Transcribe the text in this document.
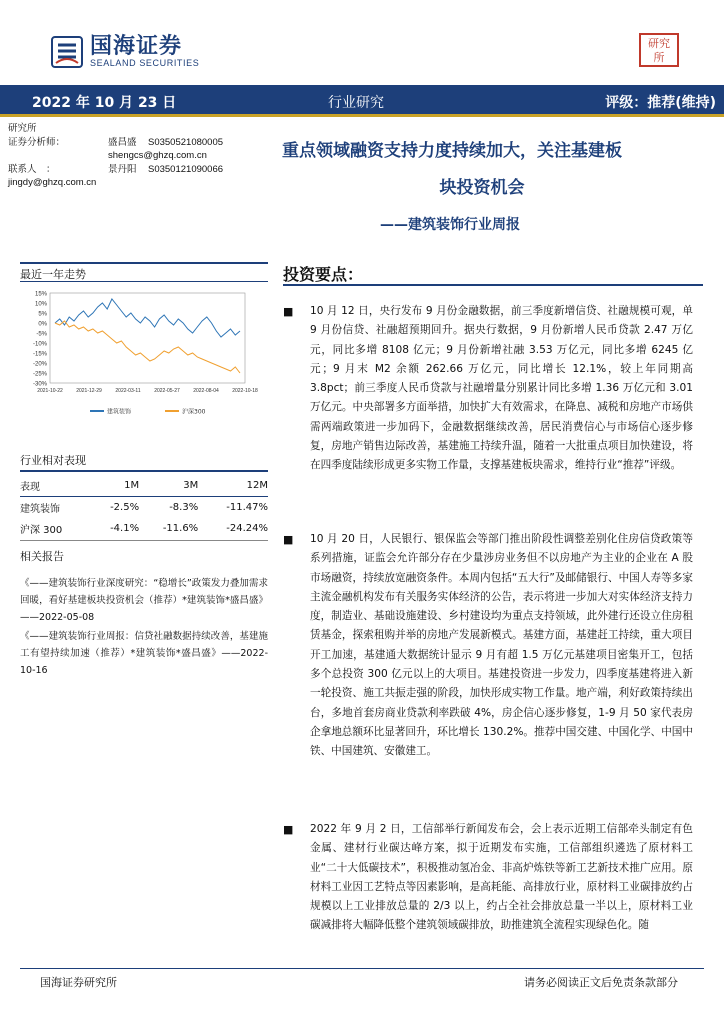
国海证券
SEALAND SECURITIES
研究
所
2022 年 10 月 23 日	行业研究	评级：推荐(维持)
研究所
证券分析师：	盛昌盛	S0350521080005
shengcs@ghzq.com.cn
联系人　：	景丹阳	S0350121090066
jingdy@ghzq.com.cn
重点领域融资支持力度持续加大，关注基建板
块投资机会
——建筑装饰行业周报
最近一年走势
15%
10%
5%
0%
-5%
-10%
-15%
-20%
-25%
-30%
2021-10-22	2021-12-29	2022-03-11	2022-05-27	2022-08-04	2022-10-18
建筑装饰	沪深300
行业相对表现
表现	1M	3M	12M
建筑装饰	-2.5%	-8.3%	-11.47%
沪深 300	-4.1%	-11.6%	-24.24%
相关报告

《——建筑装饰行业深度研究：“稳增长”政策发力叠加需求回暖，看好基建板块投资机会（推荐）*建筑装饰*盛昌盛》——2022-05-08

《——建筑装饰行业周报：信贷社融数据持续改善，基建施工有望持续加速（推荐）*建筑装饰*盛昌盛》——2022-10-16

投资要点：
■ 10 月 12 日，央行发布 9 月份金融数据，前三季度新增信贷、社融规模可观，单 9 月份信贷、社融超预期回升。据央行数据，9 月份新增人民币贷款 2.47 万亿元，同比多增 8108 亿元；9 月份新增社融 3.53 万亿元，同比多增 6245 亿元；9 月末 M2 余额 262.66 万亿元，同比增长 12.1%，较上年同期高 3.8pct；前三季度人民币贷款与社融增量分别累计同比多增 1.36 万亿元和 3.01 万亿元。中央部署多方面举措，加快扩大有效需求，在降息、减税和房地产市场供需两端政策进一步加码下，金融数据继续改善，居民消费信心与市场信心逐步修复，房地产销售边际改善，基建施工持续升温，随着一大批重点项目加快建设，将在四季度陆续形成更多实物工作量，支撑基建板块需求，维持行业“推荐”评级。
■ 10 月 20 日，人民银行、银保监会等部门推出阶段性调整差别化住房信贷政策等系列措施，证监会允许部分存在少量涉房业务但不以房地产为主业的企业在 A 股市场融资，持续放宽融资条件。本周内包括“五大行”及邮储银行、中国人寿等多家主流金融机构发布有关服务实体经济的公告，表示将进一步加大对实体经济支持力度，制造业、基础设施建设、乡村建设均为重点支持领域，此外建行还设立住房租赁基金，探索租购并举的房地产发展新模式。基建方面，基建赶工持续，重大项目开工加速，基建通大数据统计显示 9 月有超 1.5 万亿元基建项目密集开工，包括多个总投资 300 亿元以上的大项目。基建投资进一步发力，四季度基建将进入新一轮投资、施工共振走强的阶段，加快形成实物工作量。地产端，利好政策持续出台，多地首套房商业贷款利率跌破 4%，房企信心逐步修复，1-9 月 50 家代表房企拿地总额环比显著回升，环比增长 130.2%。推荐中国交建、中国化学、中国中铁、中国建筑、安徽建工。
■ 2022 年 9 月 2 日，工信部举行新闻发布会，会上表示近期工信部牵头制定有色金属、建材行业碳达峰方案，拟于近期发布实施，工信部组织遴选了原材料工业“二十大低碳技术”，积极推动氢冶金、非高炉炼铁等新工艺新技术推广应用。原材料工业因工艺特点等因素影响，是高耗能、高排放行业，原材料工业碳排放约占规模以上工业排放总量的 2/3 以上，约占全社会排放总量一半以上，原材料工业碳减排将大幅降低整个建筑领域碳排放，助推建筑全流程实现绿色化。随
国海证券研究所	请务必阅读正文后免责条款部分
